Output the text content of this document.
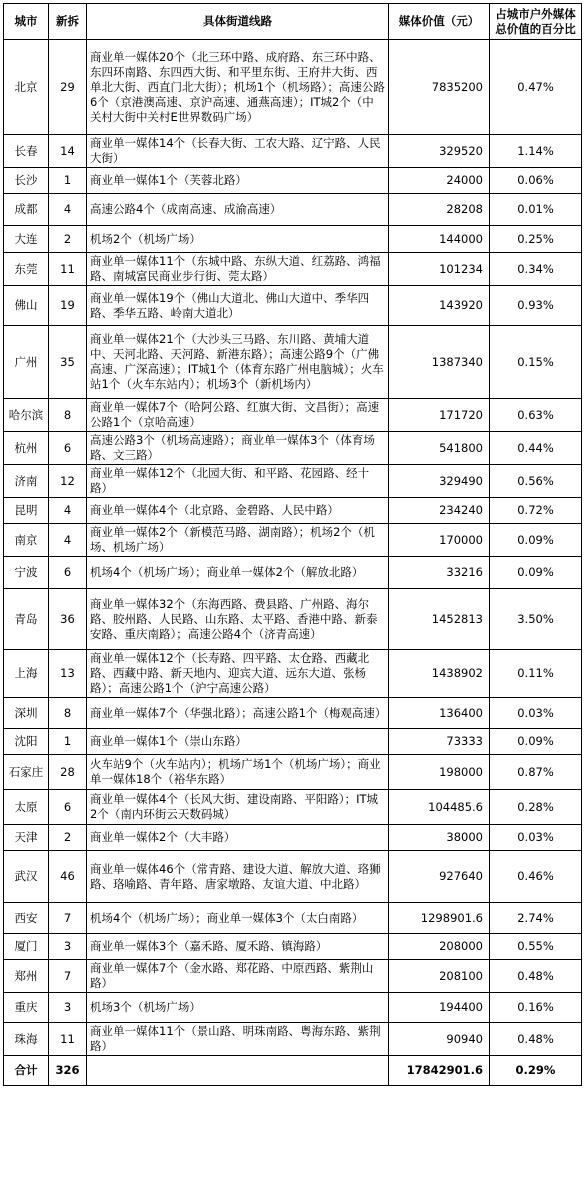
城市	新拆	具体街道线路	媒体价值（元）	占城市户外媒体
总价值的百分比

北京	29	商业单一媒体20个（北三环中路、成府路、东三环中路、东四环南路、东四西大街、和平里东街、王府井大街、西单北大街、西直门北大街）；机场1个（机场路）；高速公路6个（京港澳高速、京沪高速、通燕高速）；IT城2个（中关村大街中关村E世界数码广场）	7835200	0.47%
长春	14	商业单一媒体14个（长春大街、工农大路、辽宁路、人民大街）	329520	1.14%
长沙	1	商业单一媒体1个（芙蓉北路）	24000	0.06%
成都	4	高速公路4个（成南高速、成渝高速）	28208	0.01%
大连	2	机场2个（机场广场）	144000	0.25%
东莞	11	商业单一媒体11个（东城中路、东纵大道、红荔路、鸿福路、南城富民商业步行街、莞太路）	101234	0.34%
佛山	19	商业单一媒体19个（佛山大道北、佛山大道中、季华四路、季华五路、岭南大道北）	143920	0.93%
广州	35	商业单一媒体21个（大沙头三马路、东川路、黄埔大道中、天河北路、天河路、新港东路）；高速公路9个（广佛高速、广深高速）；IT城1个（体育东路广州电脑城）；火车站1个（火车东站内）；机场3个（新机场内）	1387340	0.15%
哈尔滨	8	商业单一媒体7个（哈阿公路、红旗大街、文昌街）；高速公路1个（京哈高速）	171720	0.63%
杭州	6	高速公路3个（机场高速路）；商业单一媒体3个（体育场路、文三路）	541800	0.44%
济南	12	商业单一媒体12个（北园大街、和平路、花园路、经十路）	329490	0.56%
昆明	4	商业单一媒体4个（北京路、金碧路、人民中路）	234240	0.72%
南京	4	商业单一媒体2个（新模范马路、湖南路）；机场2个（机场、机场广场）	170000	0.09%
宁波	6	机场4个（机场广场）；商业单一媒体2个（解放北路）	33216	0.09%
青岛	36	商业单一媒体32个（东海西路、费县路、广州路、海尔路、胶州路、人民路、山东路、太平路、香港中路、新泰安路、重庆南路）；高速公路4个（济青高速）	1452813	3.50%
上海	13	商业单一媒体12个（长寿路、四平路、太仓路、西藏北路、西藏中路、新天地内、迎宾大道、远东大道、张杨路）；高速公路1个（沪宁高速公路）	1438902	0.11%
深圳	8	商业单一媒体7个（华强北路）；高速公路1个（梅观高速）	136400	0.03%
沈阳	1	商业单一媒体1个（崇山东路）	73333	0.09%
石家庄	28	火车站9个（火车站内）；机场广场1个（机场广场）；商业单一媒体18个（裕华东路）	198000	0.87%
太原	6	商业单一媒体4个（长风大街、建设南路、平阳路）；IT城2个（南内环街云天数码城）	104485.6	0.28%
天津	2	商业单一媒体2个（大丰路）	38000	0.03%
武汉	46	商业单一媒体46个（常青路、建设大道、解放大道、珞狮路、珞喻路、青年路、唐家墩路、友谊大道、中北路）	927640	0.46%
西安	7	机场4个（机场广场）；商业单一媒体3个（太白南路）	1298901.6	2.74%
厦门	3	商业单一媒体3个（嘉禾路、厦禾路、镇海路）	208000	0.55%
郑州	7	商业单一媒体7个（金水路、郑花路、中原西路、紫荆山路）	208100	0.48%
重庆	3	机场3个（机场广场）	194400	0.16%
珠海	11	商业单一媒体11个（景山路、明珠南路、粤海东路、紫荆路）	90940	0.48%
合计	326		17842901.6	0.29%
